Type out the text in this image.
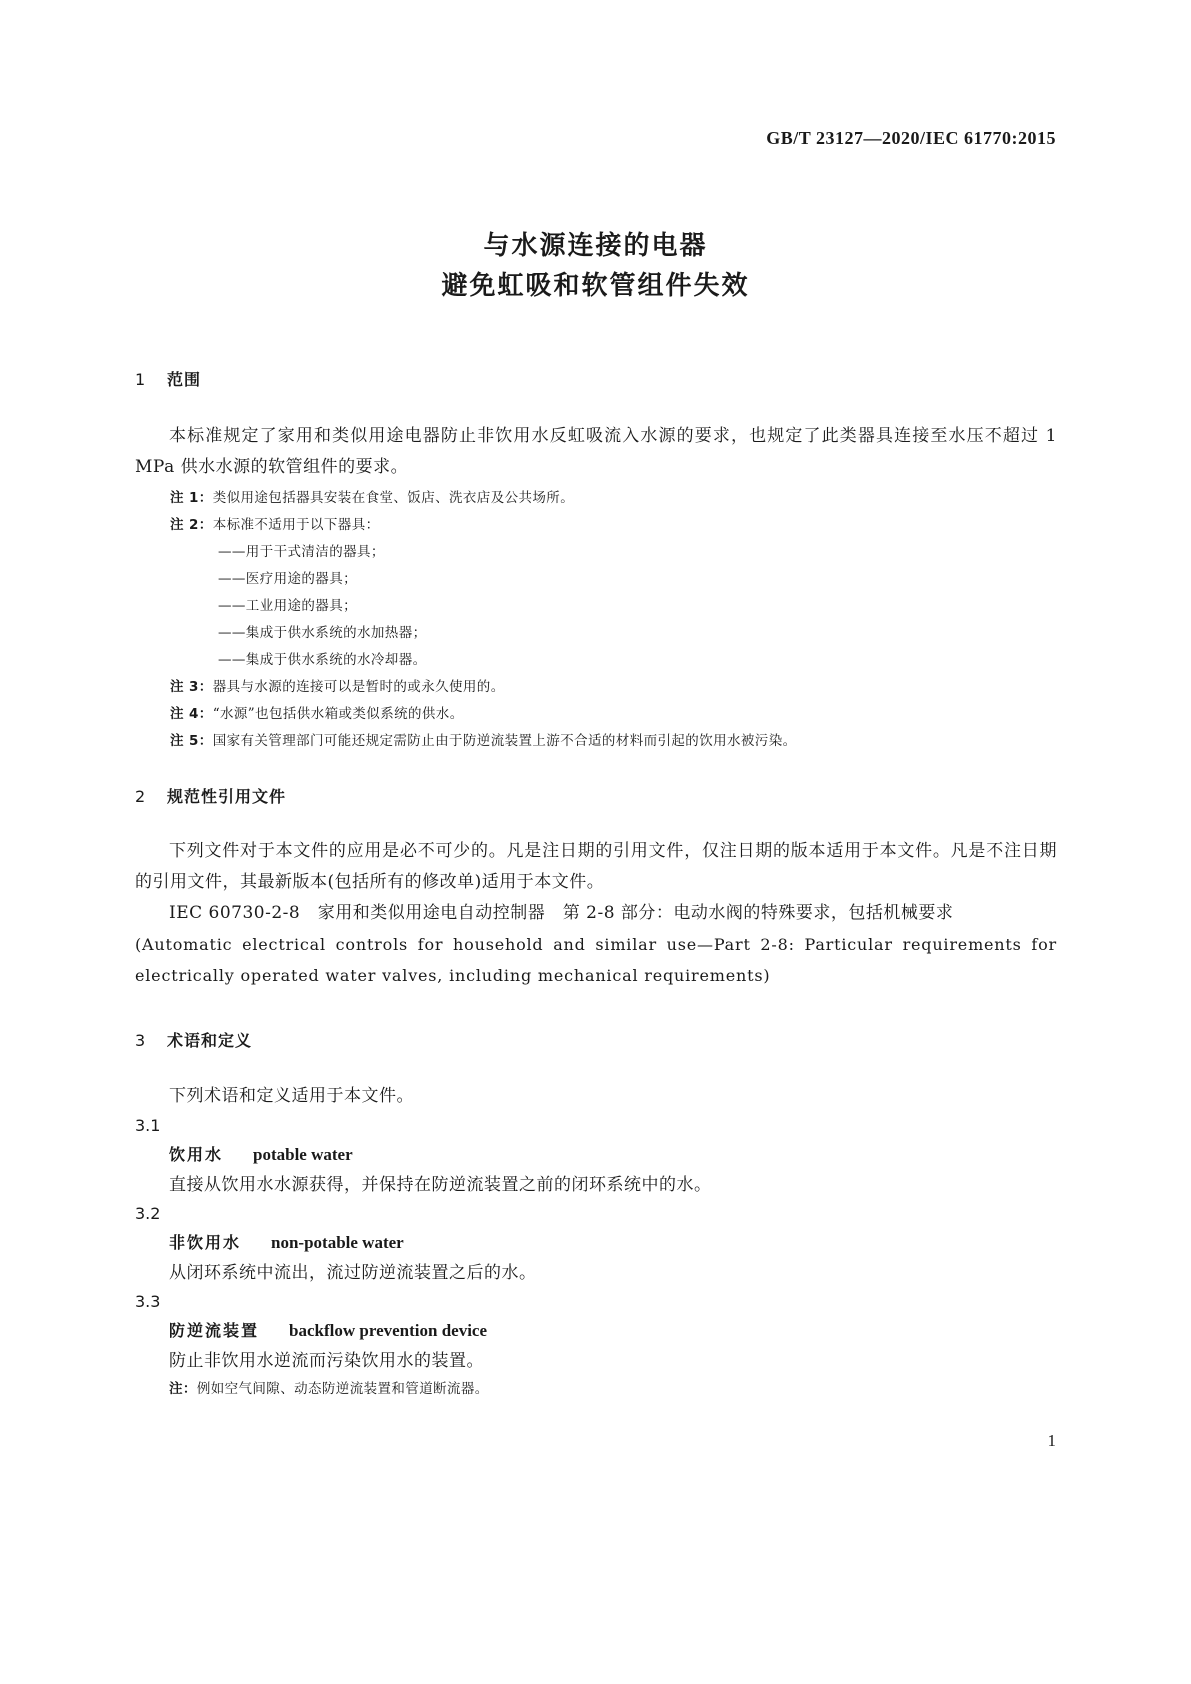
GB/T 23127—2020/IEC 61770:2015
与水源连接的电器
避免虹吸和软管组件失效
1 范围

本标准规定了家用和类似用途电器防止非饮用水反虹吸流入水源的要求，也规定了此类器具连接至水压不超过 1 MPa 供水水源的软管组件的要求。

注 1：类似用途包括器具安装在食堂、饭店、洗衣店及公共场所。
注 2：本标准不适用于以下器具：
——用于干式清洁的器具；
——医疗用途的器具；
——工业用途的器具；
——集成于供水系统的水加热器；
——集成于供水系统的水冷却器。
注 3：器具与水源的连接可以是暂时的或永久使用的。
注 4：“水源”也包括供水箱或类似系统的供水。
注 5：国家有关管理部门可能还规定需防止由于防逆流装置上游不合适的材料而引起的饮用水被污染。
2 规范性引用文件

下列文件对于本文件的应用是必不可少的。凡是注日期的引用文件，仅注日期的版本适用于本文件。凡是不注日期的引用文件，其最新版本(包括所有的修改单)适用于本文件。

IEC 60730-2-8　家用和类似用途电自动控制器　第 2-8 部分：电动水阀的特殊要求，包括机械要求

(Automatic electrical controls for household and similar use—Part 2-8: Particular requirements for electrically operated water valves, including mechanical requirements)

3 术语和定义

下列术语和定义适用于本文件。

3.1
饮用水 potable water
直接从饮用水水源获得，并保持在防逆流装置之前的闭环系统中的水。
3.2
非饮用水 non-potable water
从闭环系统中流出，流过防逆流装置之后的水。
3.3
防逆流装置 backflow prevention device
防止非饮用水逆流而污染饮用水的装置。
注：例如空气间隙、动态防逆流装置和管道断流器。
1
